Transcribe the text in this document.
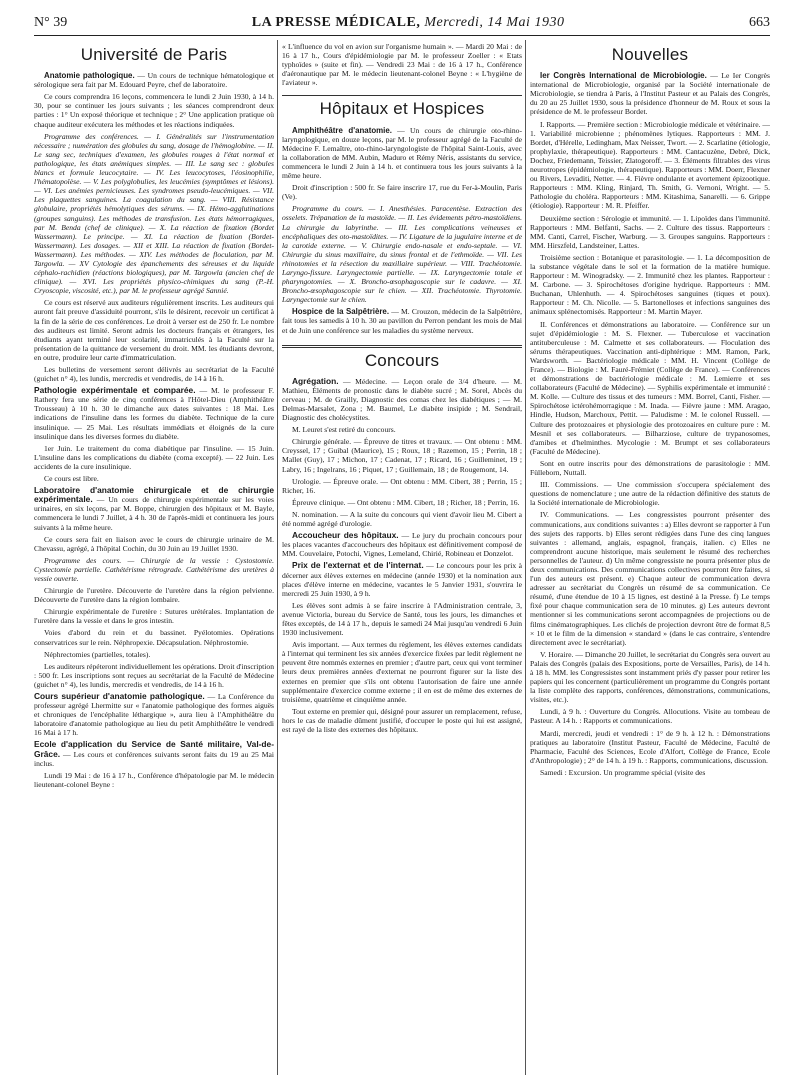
N° 39	LA PRESSE MÉDICALE, Mercredi, 14 Mai 1930	663
Université de Paris

Anatomie pathologique. — Un cours de technique hématologique et sérologique sera fait par M. Edouard Peyre, chef de laboratoire.

Ce cours comprendra 16 leçons, commencera le lundi 2 Juin 1930, à 14 h. 30, pour se continuer les jours suivants ; les séances comprendront deux parties : 1° Un exposé théorique et technique ; 2° Une application pratique où chaque auditeur exécutera les méthodes et les réactions indiquées.

Programme des conférences. — I. Généralités sur l'instrumentation nécessaire ; numération des globules du sang, dosage de l'hémoglobine. — II. Le sang sec, techniques d'examen, les globules rouges à l'état normal et pathologique, les états anémiques simples. — III. Le sang sec : globules blancs et formule leucocytaire. — IV. Les leucocytoses, l'éosinophilie, l'hématopoïèse. — V. Les polyglobulies, les leucémies (symptômes et lésions). — VI. Les anémies pernicieuses. Les syndromes pseudo-leucémiques. — VII. Les plaquettes sanguines. La coagulation du sang. — VIII. Résistance globulaire, propriétés hémolytiques des sérums. — IX. Hémo-agglutinations (groupes sanguins). Les méthodes de transfusion. Les états hémorragiques, par M. Benda (chef de clinique). — X. La réaction de fixation (Bordet Wassermann). Le principe. — XI. La réaction de fixation (Bordet-Wassermann). Les dosages. — XII et XIII. La réaction de fixation (Bordet-Wassermann). Les méthodes. — XIV. Les méthodes de floculation, par M. Targowla. — XV Cytologie des épanchements des séreuses et du liquide céphalo-rachidien (réactions biologiques), par M. Targowla (ancien chef de clinique). — XVI. Les propriétés physico-chimiques du sang (P.-H. Cryoscopie, viscosité, etc.), par M. le professeur agrégé Sannié.

Ce cours est réservé aux auditeurs régulièrement inscrits. Les auditeurs qui auront fait preuve d'assiduité pourront, s'ils le désirent, recevoir un certificat à la fin de la série de ces conférences. Le droit à verser est de 250 fr. Le nombre des auditeurs est limité. Seront admis les docteurs français et étrangers, les étudiants ayant terminé leur scolarité, immatriculés à la Faculté sur la présentation de la quittance de versement du droit. MM. les étudiants devront, en outre, produire leur carte d'immatriculation.

Les bulletins de versement seront délivrés au secrétariat de la Faculté (guichet n° 4), les lundis, mercredis et vendredis, de 14 à 16 h.

Pathologie expérimentale et comparée. — M. le professeur F. Rathery fera une série de cinq conférences à l'Hôtel-Dieu (Amphithéâtre Trousseau) à 10 h. 30 le dimanche aux dates suivantes : 18 Mai. Les indications de l'insuline dans les formes du diabète. Technique de la cure insulinique. — 25 Mai. Les résultats immédiats et éloignés de la cure insulinique dans les diverses formes du diabète.

1er Juin. Le traitement du coma diabétique par l'insuline. — 15 Juin. L'insuline dans les complications du diabète (coma excepté). — 22 Juin. Les accidents de la cure insulinique.

Ce cours est libre.

Laboratoire d'anatomie chirurgicale et de chirurgie expérimentale. — Un cours de chirurgie expérimentale sur les voies urinaires, en six leçons, par M. Boppe, chirurgien des hôpitaux et M. Bayle, commencera le lundi 7 Juillet, à 4 h. 30 de l'après-midi et continuera les jours suivants à la même heure.

Ce cours sera fait en liaison avec le cours de chirurgie urinaire de M. Chevassu, agrégé, à l'hôpital Cochin, du 30 Juin au 19 Juillet 1930.

Programme des cours. — Chirurgie de la vessie : Cystostomie. Cystectomie partielle. Cathétérisme rétrograde. Cathétérisme des uretères à vessie ouverte.

Chirurgie de l'uretère. Découverte de l'uretère dans la région pelvienne. Découverte de l'uretère dans la région lombaire.

Chirurgie expérimentale de l'uretère : Sutures urétérales. Implantation de l'uretère dans la vessie et dans le gros intestin.

Voies d'abord du rein et du bassinet. Pyélotomies. Opérations conservatrices sur le rein. Néphropexie. Décapsulation. Néphrostomie.

Néphrectomies (partielles, totales).

Les auditeurs répéteront individuellement les opérations. Droit d'inscription : 500 fr. Les inscriptions sont reçues au secrétariat de la Faculté de Médecine (guichet n° 4), les lundis, mercredis et vendredis, de 14 à 16 h.

Cours supérieur d'anatomie pathologique. — La Conférence du professeur agrégé Lhermitte sur « l'anatomie pathologique des formes aiguës et chroniques de l'encéphalite léthargique », aura lieu à l'Amphithéâtre du laboratoire d'anatomie pathologique au lieu du petit Amphithéâtre le vendredi 16 Mai à 17 h.

Ecole d'application du Service de Santé militaire, Val-de-Grâce. — Les cours et conférences suivants seront faits du 19 au 25 Mai inclus.

Lundi 19 Mai : de 16 à 17 h., Conférence d'hépatologie par M. le médecin lieutenant-colonel Beyne :

« L'influence du vol en avion sur l'organisme humain ». — Mardi 20 Mai : de 16 à 17 h., Cours d'épidémiologie par M. le professeur Zoeller : « Etats typhoïdes » (suite et fin). — Vendredi 23 Mai : de 16 à 17 h., Conférence d'aéronautique par M. le médecin lieutenant-colonel Beyne : « L'hygiène de l'aviateur ».

Hôpitaux et Hospices

Amphithéâtre d'anatomie. — Un cours de chirurgie oto-rhino-laryngologique, en douze leçons, par M. le professeur agrégé de la Faculté de Médecine F. Lemaître, oto-rhino-laryngologiste de l'hôpital Saint-Louis, avec la collaboration de MM. Aubin, Maduro et Rémy Néris, assistants du service, commencera le lundi 2 Juin à 14 h. et continuera tous les jours suivants à la même heure.

Droit d'inscription : 500 fr. Se faire inscrire 17, rue du Fer-à-Moulin, Paris (Ve).

Programme du cours. — I. Anesthésies. Paracentèse. Extraction des osselets. Trépanation de la mastoïde. — II. Les évidements pétro-mastoïdiens. La chirurgie du labyrinthe. — III. Les complications veineuses et encéphaliques des oto-mastoïdites. — IV. Ligature de la jugulaire interne et de la carotide externe. — V. Chirurgie endo-nasale et endo-septale. — VI. Chirurgie du sinus maxillaire, du sinus frontal et de l'ethmoïde. — VII. Les rhinotomies et la résection du maxillaire supérieur. — VIII. Trachéotomie. Laryngo-fissure. Laryngectomie partielle. — IX. Laryngectomie totale et pharyngotomies. — X. Broncho-œsophagoscopie sur le cadavre. — XI. Broncho-œsophagoscopie sur le chien. — XII. Trachéotomie. Thyrotomie. Laryngectomie sur le chien.

Hospice de la Salpêtrière. — M. Crouzon, médecin de la Salpêtrière, fait tous les samedis à 10 h. 30 au pavillon du Perron pendant les mois de Mai et de Juin une conférence sur les maladies du système nerveux.

Concours

Agrégation. — Médecine. — Leçon orale de 3/4 d'heure. — M. Mathieu, Éléments de pronostic dans le diabète sucré ; M. Sorel, Abcès du cerveau ; M. de Grailly, Diagnostic des comas chez les diabétiques ; — M. Delmas-Marsalet, Zona ; M. Baumel, Le diabète insipide ; M. Sendrail, Diagnostic des cholécystites.

M. Leuret s'est retiré du concours.

Chirurgie générale. — Épreuve de titres et travaux. — Ont obtenu : MM. Creyssel, 17 ; Guibal (Maurice), 15 ; Roux, 18 ; Razemon, 15 ; Perrin, 18 ; Mallet (Guy), 17 ; Michon, 17 ; Cadenat, 17 ; Ricard, 16 ; Guilleminet, 19 ; Labry, 16 ; Ingelrans, 16 ; Piquet, 17 ; Guillemain, 18 ; de Rougemont, 14.

Urologie. — Épreuve orale. — Ont obtenu : MM. Cibert, 38 ; Perrin, 15 ; Richer, 16.

Épreuve clinique. — Ont obtenu : MM. Cibert, 18 ; Richer, 18 ; Perrin, 16.

N. nomination. — A la suite du concours qui vient d'avoir lieu M. Cibert a été nommé agrégé d'urologie.

Accoucheur des hôpitaux. — Le jury du prochain concours pour les places vacantes d'accoucheurs des hôpitaux est définitivement composé de MM. Couvelaire, Potochi, Vignes, Lemeland, Chirié, Robineau et Donzelot.

Prix de l'externat et de l'internat. — Le concours pour les prix à décerner aux élèves externes en médecine (année 1930) et la nomination aux places d'élève interne en médecine, vacantes le 5 Janvier 1931, s'ouvrira le mercredi 25 Juin 1930, à 9 h.

Les élèves sont admis à se faire inscrire à l'Administration centrale, 3, avenue Victoria, bureau du Service de Santé, tous les jours, les dimanches et fêtes exceptés, de 14 à 17 h., depuis le samedi 24 Mai jusqu'au vendredi 6 Juin 1930 inclusivement.

Avis important. — Aux termes du règlement, les élèves externes candidats à l'internat qui terminent les six années d'exercice fixées par ledit règlement ne peuvent être nommés externes en premier ; d'autre part, ceux qui vont terminer leurs deux premières années d'externat ne pourront figurer sur la liste des externes en premier que s'ils ont obtenu l'autorisation de faire une année supplémentaire d'exercice comme externe ; il en est de même des externes de troisième, quatrième et cinquième année.

Tout externe en premier qui, désigné pour assurer un remplacement, refuse, hors le cas de maladie dûment justifié, d'occuper le poste qui lui est assigné, est rayé de la liste des externes des hôpitaux.

Nouvelles

Ier Congrès International de Microbiologie. — Le Ier Congrès international de Microbiologie, organisé par la Société internationale de Microbiologie, se tiendra à Paris, à l'Institut Pasteur et au Palais des Congrès, du 20 au 25 Juillet 1930, sous la présidence d'honneur de M. Roux et sous la présidence de M. le professeur Bordet.

I. Rapports. — Première section : Microbiologie médicale et vétérinaire. — 1. Variabilité microbienne ; phénomènes lytiques. Rapporteurs : MM. J. Bordet, d'Hérelle, Ledingham, Max Neisser, Twort. — 2. Scarlatine (étiologie, prophylaxie, thérapeutique). Rapporteurs : MM. Cantacuzène, Debré, Dick, Dochez, Friedemann, Teissier, Zlatogoroff. — 3. Éléments filtrables des virus neurotropes (épidémiologie, thérapeutique). Rapporteurs : MM. Doerr, Flexner ou Rivers, Levaditi, Netter. — 4. Fièvre ondulante et avortement épizootique. Rapporteurs : MM. Kling, Rinjard, Th. Smith, G. Vernoni, Wright. — 5. Pathologie du choléra. Rapporteurs : MM. Kitashima, Sanarelli. — 6. Grippe (étiologie). Rapporteur : M. R. Pfeiffer.

Deuxième section : Sérologie et immunité. — 1. Lipoïdes dans l'immunité. Rapporteurs : MM. Belfanti, Sachs. — 2. Culture des tissus. Rapporteurs : MM. Canti, Carrel, Fischer, Warburg. — 3. Groupes sanguins. Rapporteurs : MM. Hirszfeld, Landsteiner, Lattes.

Troisième section : Botanique et parasitologie. — 1. La décomposition de la substance végétale dans le sol et la formation de la matière humique. Rapporteur : M. Winogradsky. — 2. Immunité chez les plantes. Rapporteur : M. Carbone. — 3. Spirochétoses d'origine hydrique. Rapporteurs : MM. Buchanan, Uhlenhuth. — 4. Spirochétoses sanguines (tiques et poux). Rapporteur : M. Ch. Nicolle. — 5. Bartonelloses et infections sanguines des animaux splénectomisés. Rapporteur : M. Martin Mayer.

II. Conférences et démonstrations au laboratoire. — Conférence sur un sujet d'épidémiologie : M. S. Flexner. — Tuberculose et vaccination antituberculeuse : M. Calmette et ses collaborateurs. — Floculation des sérums thérapeutiques. Vaccination anti-diphtérique : MM. Ramon, Park, Wardsworth. — Bactériologie médicale : MM. H. Vincent (Collège de France). — Biologie : M. Fauré-Frémiet (Collège de France). — Conférences et démonstrations de bactériologie médicale : M. Lemierre et ses collaborateurs (Faculté de Médecine). — Syphilis expérimentale et immunité : M. Kolle. — Culture des tissus et des tumeurs : MM. Borrel, Canti, Fisher. — Spirochétose ictérohémorragique : M. Inada. — Fièvre jaune : MM. Aragao, Hindle, Hudson, Marchoux, Pettit. — Paludisme : M. le colonel Russell. — Culture des protozoaires et physiologie des protozoaires en culture pure : M. Mesnil et ses collaborateurs. — Bilharziose, culture de trypanosomes, d'amibes et d'helminthes. Mycologie : M. Brumpt et ses collaborateurs (Faculté de Médecine).

Sont en outre inscrits pour des démonstrations de parasitologie : MM. Fülleborn, Nuttall.

III. Commissions. — Une commission s'occupera spécialement des questions de nomenclature ; une autre de la rédaction définitive des statuts de la Société internationale de Microbiologie.

IV. Communications. — Les congressistes pourront présenter des communications, aux conditions suivantes : a) Elles devront se rapporter à l'un des sujets des rapports. b) Elles seront rédigées dans l'une des cinq langues suivantes : allemand, anglais, espagnol, français, italien. c) Elles ne comprendront aucune historique, mais seulement le résumé des recherches personnelles de l'auteur. d) Un même congressiste ne pourra présenter plus de deux communications. Des communications collectives pourront être faites, si l'un des auteurs est présent. e) Chaque auteur de communication devra adresser au secrétariat du Congrès un résumé de sa communication. Ce résumé, d'une étendue de 10 à 15 lignes, est destiné à la Presse. f) Le temps fixé pour chaque communication sera de 10 minutes. g) Les auteurs devront mentionner si les communications seront accompagnées de projections ou de films cinématographiques. Les clichés de projection devront être de format 8,5 × 10 et le film de la dimension « standard » (dans le cas contraire, s'entendre directement avec le secrétariat).

V. Horaire. — Dimanche 20 Juillet, le secrétariat du Congrès sera ouvert au Palais des Congrès (palais des Expositions, porte de Versailles, Paris), de 14 h. à 18 h. MM. les Congressistes sont instamment priés d'y passer pour retirer les papiers qui les concernent (particulièrement un programme du Congrès portant la liste complète des rapports, conférences, démonstrations, communications, visites, etc.).

Lundi, à 9 h. : Ouverture du Congrès. Allocutions. Visite au tombeau de Pasteur. A 14 h. : Rapports et communications.

Mardi, mercredi, jeudi et vendredi : 1° de 9 h. à 12 h. : Démonstrations pratiques au laboratoire (Institut Pasteur, Faculté de Médecine, Faculté de Pharmacie, Faculté des Sciences, Ecole d'Alfort, Collège de France, Ecole d'Anthropologie) ; 2° de 14 h. à 19 h. : Rapports, communications, discussion.

Samedi : Excursion. Un programme spécial (visite des
